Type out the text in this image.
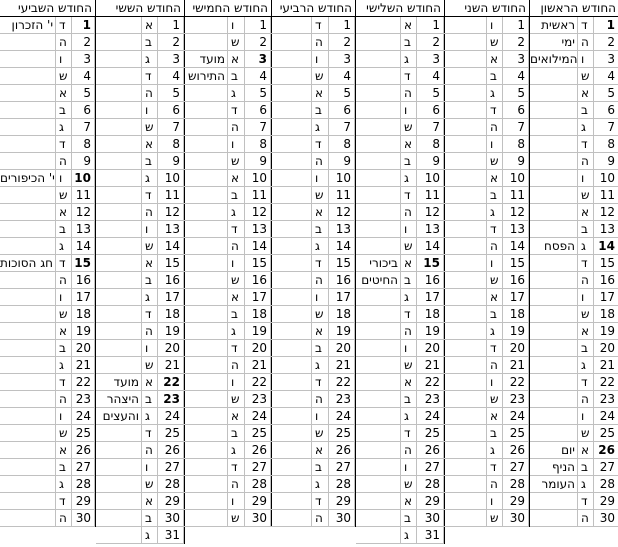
החודש השביעי
י' הזכרון ד	1
ה	2
ו	3
ש	4
א	5
ב	6
ג	7
ד	8
ה	9
י' הכיפורים ו	10
ש 11
א 12
ב 13
ג 14
חג הסוכות ד 15
ה 16
ו	17
ש 18
א 19
ב 20
ג 21
ד 22
ה 23
ו	24
ש 25
א 26
ב 27
ג 28
ד 29
ה 30
החודש הששי
א	1
ב	2
ג	3
ד	4
ה	5
ו	6
ש	7
א	8
ב	9
ג	10
ד	11
ה 12
ו	13
ש 14
א 15
ב	16
ג	17
ד	18
ה 19
ו	20
ש 21
מועד א 22
היצהר ב 23
והעצים ג	24
ד	25
ה 26
ו	27
ש 28
א 29
ב	30
ג	31
החודש החמישי
ו	1
ש	2
מועד א	3
התירוש ב	4
ג	5
ד	6
ה	7
ו	8
ש	9
א	10
ב	11
ג	12
ד	13
ה	14
ו	15
ש	16
א	17
ב	18
ג	19
ד	20
ה	21
ו	22
ש	23
א	24
ב	25
ג	26
ד	27
ה	28
ו	29
ש	30
החודש הרביעי
ד	1
ה	2
ו	3
ש	4
א	5
ב	6
ג	7
ד	8
ה	9
ו	10
ש	11
א	12
ב	13
ג	14
ד	15
ה	16
ו	17
ש	18
א	19
ב	20
ג	21
ד	22
ה	23
ו	24
ש	25
א	26
ב	27
ג	28
ד	29
ה	30
החודש השלישי
א	1
ב	2
ג	3
ד	4
ה	5
ו	6
ש	7
א	8
ב	9
ג	10
ד	11
ה	12
ו	13
ש	14
ביכורי א 15
החיטים ב	16
ג	17
ד	18
ה	19
ו	20
ש	21
א	22
ב	23
ג	24
ד	25
ה	26
ו	27
ש	28
א	29
ב	30
ג	31
החודש השני
ו	1
ש	2
א	3
ב	4
ג	5
ד	6
ה	7
ו	8
ש	9
א 10
ב	11
ג	12
ד	13
ה 14
ו	15
ש 16
א 17
ב	18
ג	19
ד	20
ה 21
ו	22
ש 23
א 24
ב	25
ג	26
ד	27
ה 28
ו	29
ש 30
החודש הראשון
ראשית ד	1
ימי ה	2
המילואים ו	3
ש	4
א	5
ב	6
ג	7
ד	8
ה	9
ו	10
ש 11
א 12
ב 13
הפסח ג	14
ד	15
ה 16
ו	17
ש 18
א 19
ב 20
ג	21
ד	22
ה 23
ו	24
ש 25
יום א 26
הניף ב 27
העומר ג	28
ד	29
ה 30
